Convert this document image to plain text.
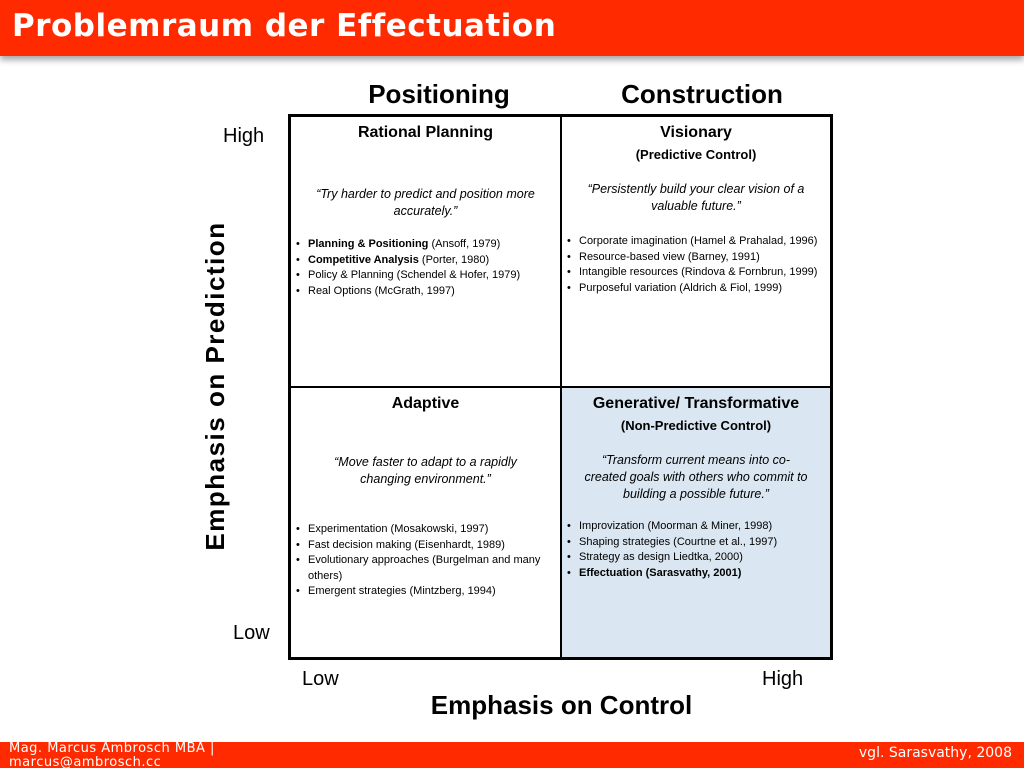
Problemraum der Effectuation
Positioning	Construction
High
Low
Emphasis on Prediction
Rational Planning
“Try harder to predict and position more
accurately.”
• Planning & Positioning (Ansoff, 1979)
• Competitive Analysis (Porter, 1980)
• Policy & Planning (Schendel & Hofer, 1979)
• Real Options (McGrath, 1997)
Visionary
(Predictive Control)
“Persistently build your clear vision of a
valuable future.”
• Corporate imagination (Hamel & Prahalad, 1996)
• Resource-based view (Barney, 1991)
• Intangible resources (Rindova & Fornbrun, 1999)
• Purposeful variation (Aldrich & Fiol, 1999)
Adaptive
“Move faster to adapt to a rapidly
changing environment.”
• Experimentation (Mosakowski, 1997)
• Fast decision making (Eisenhardt, 1989)
• Evolutionary approaches (Burgelman and many others)
• Emergent strategies (Mintzberg, 1994)
Generative/ Transformative
(Non-Predictive Control)
“Transform current means into co-
created goals with others who commit to
building a possible future.”
• Improvization (Moorman & Miner, 1998)
• Shaping strategies (Courtne et al., 1997)
• Strategy as design Liedtka, 2000)
• Effectuation (Sarasvathy, 2001)
Low	High
Emphasis on Control
Mag. Marcus Ambrosch MBA | marcus@ambrosch.cc
vgl. Sarasvathy, 2008
